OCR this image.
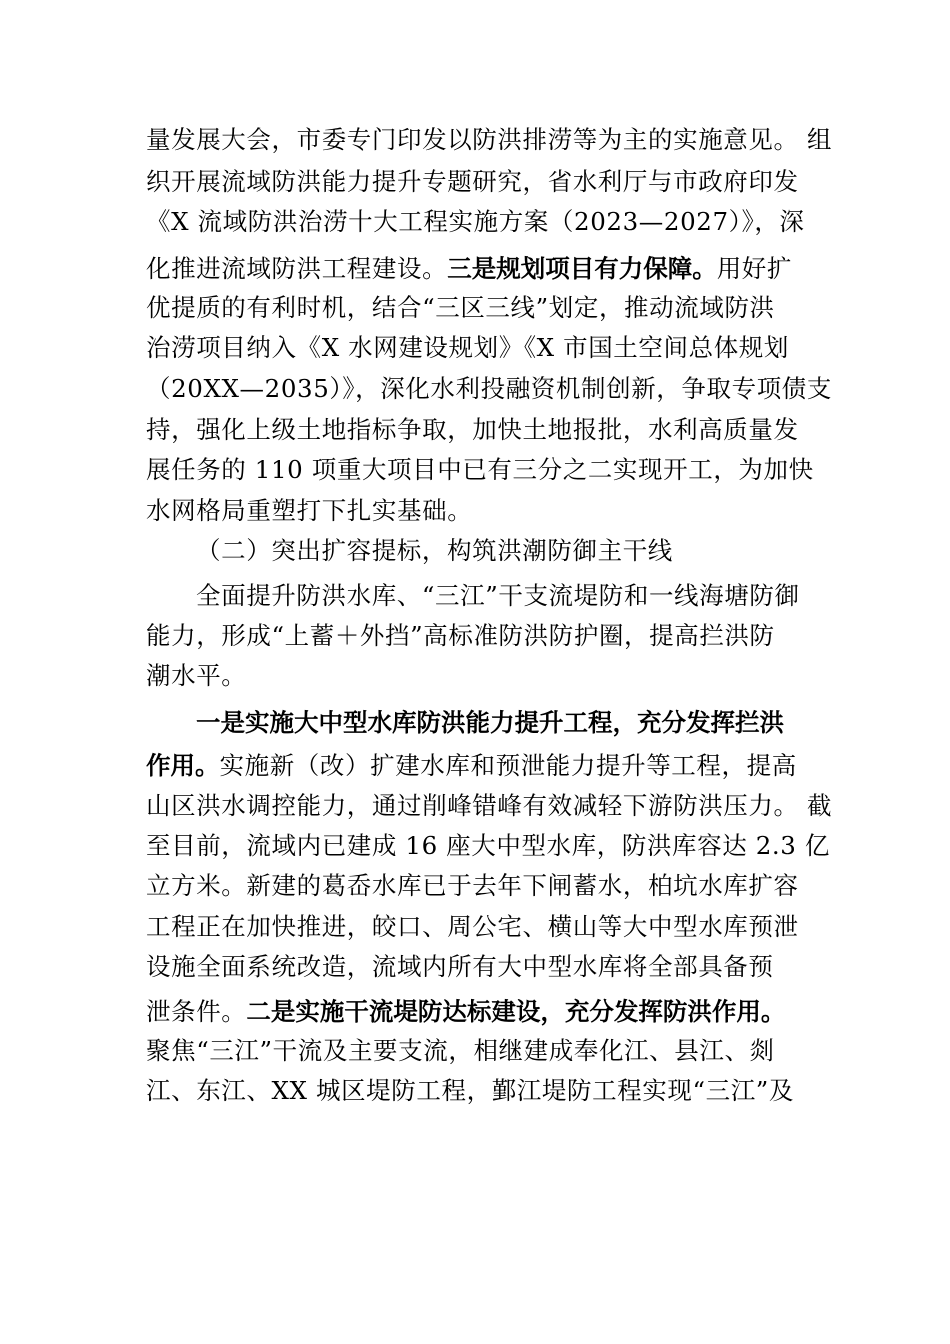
量发展大会，市委专门印发以防洪排涝等为主的实施意见。 组
织开展流域防洪能力提升专题研究，省水利厅与市政府印发
《X 流域防洪治涝十大工程实施方案（2023—2027）》，深
化推进流域防洪工程建设。三是规划项目有力保障。用好扩
优提质的有利时机，结合“三区三线”划定，推动流域防洪
治涝项目纳入《X 水网建设规划》《X 市国土空间总体规划
（20XX—2035）》，深化水利投融资机制创新，争取专项债支
持，强化上级土地指标争取，加快土地报批，水利高质量发
展任务的 110 项重大项目中已有三分之二实现开工，为加快
水网格局重塑打下扎实基础。
（二）突出扩容提标，构筑洪潮防御主干线
全面提升防洪水库、“三江”干支流堤防和一线海塘防御
能力，形成“上蓄＋外挡”高标准防洪防护圈，提高拦洪防
潮水平。
一是实施大中型水库防洪能力提升工程，充分发挥拦洪
作用。实施新（改）扩建水库和预泄能力提升等工程，提高
山区洪水调控能力，通过削峰错峰有效减轻下游防洪压力。 截
至目前，流域内已建成 16 座大中型水库，防洪库容达 2.3 亿
立方米。新建的葛岙水库已于去年下闸蓄水，柏坑水库扩容
工程正在加快推进，皎口、周公宅、横山等大中型水库预泄
设施全面系统改造，流域内所有大中型水库将全部具备预
泄条件。二是实施干流堤防达标建设，充分发挥防洪作用。
聚焦“三江”干流及主要支流，相继建成奉化江、县江、剡
江、东江、XX 城区堤防工程，鄞江堤防工程实现“三江”及
